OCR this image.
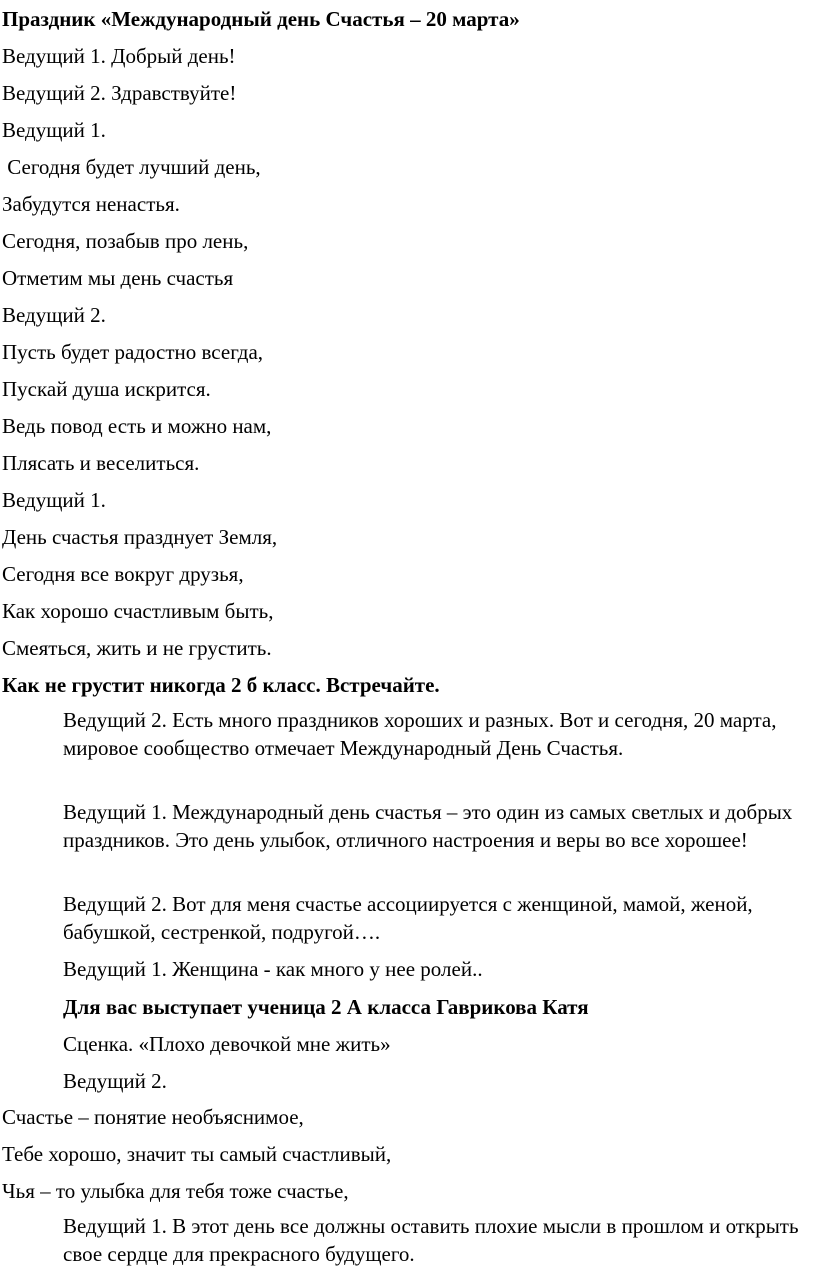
Праздник «Международный день Счастья – 20 марта»
Ведущий 1. Добрый день!
Ведущий 2. Здравствуйте!
Ведущий 1.
Сегодня будет лучший день,
Забудутся ненастья.
Сегодня, позабыв про лень,
Отметим мы день счастья
Ведущий 2.
Пусть будет радостно всегда,
Пускай душа искрится.
Ведь повод есть и можно нам,
Плясать и веселиться.
Ведущий 1.
День счастья празднует Земля,
Сегодня все вокруг друзья,
Как хорошо счастливым быть,
Смеяться, жить и не грустить.
Как не грустит никогда 2 б класс. Встречайте.
Ведущий 2. Есть много праздников хороших и разных. Вот и сегодня, 20 марта, мировое сообщество отмечает Международный День Счастья.
Ведущий 1. Международный день счастья – это один из самых светлых и добрых праздников. Это день улыбок, отличного настроения и веры во все хорошее!
Ведущий 2. Вот для меня счастье ассоциируется с женщиной, мамой, женой, бабушкой, сестренкой, подругой….
Ведущий 1. Женщина - как много у нее ролей..
Для вас выступает ученица 2 А класса Гаврикова Катя
Сценка. «Плохо девочкой мне жить»
Ведущий 2.
Счастье – понятие необъяснимое,
Тебе хорошо, значит ты самый счастливый,
Чья – то улыбка для тебя тоже счастье,
Ведущий 1. В этот день все должны оставить плохие мысли в прошлом и открыть свое сердце для прекрасного будущего.
